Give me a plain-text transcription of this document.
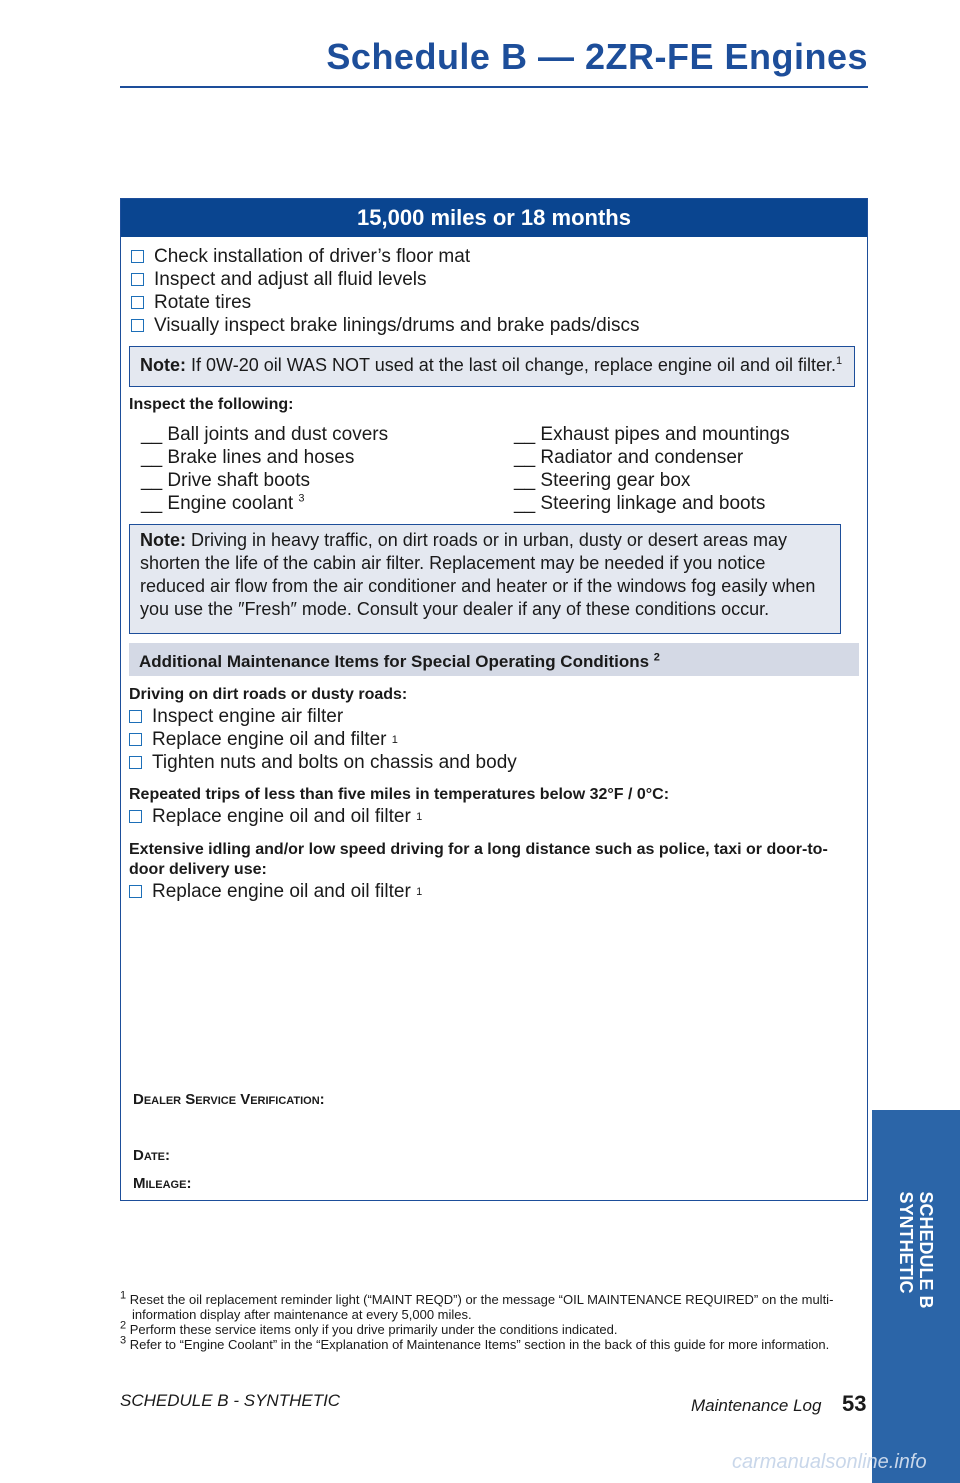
Schedule B — 2ZR-FE Engines
15,000 miles or 18 months
Check installation of driver’s floor mat
Inspect and adjust all fluid levels
Rotate tires
Visually inspect brake linings/drums and brake pads/discs
Note: If 0W-20 oil WAS NOT used at the last oil change, replace engine oil and oil filter.$^1$
Inspect the following:
__ Ball joints and dust covers
__ Brake lines and hoses
__ Drive shaft boots
__ Engine coolant $^3$
__ Exhaust pipes and mountings
__ Radiator and condenser
__ Steering gear box
__ Steering linkage and boots
Note: Driving in heavy traffic, on dirt roads or in urban, dusty or desert areas may shorten the life of the cabin air filter. Replacement may be needed if you notice reduced air flow from the air conditioner and heater or if the windows fog easily when you use the ″Fresh″ mode. Consult your dealer if any of these conditions occur.
Additional Maintenance Items for Special Operating Conditions $^2$
Driving on dirt roads or dusty roads:
Inspect engine air filter
Replace engine oil and filter
1
Tighten nuts and bolts on chassis and body
Repeated trips of less than five miles in temperatures below 32°F / 0°C:
Replace engine oil and oil filter
1
Extensive idling and/or low speed driving for a long distance such as police, taxi or door-to-door delivery use:
Replace engine oil and oil filter
1
Dealer Service Verification:
Date:
Mileage:
$^1$ Reset the oil replacement reminder light (“MAINT REQD”) or the message “OIL MAINTENANCE REQUIRED” on the multi-information display after maintenance at every 5,000 miles.
$^2$ Perform these service items only if you drive primarily under the conditions indicated.
$^3$ Refer to “Engine Coolant” in the “Explanation of Maintenance Items” section in the back of this guide for more information.
SCHEDULE B - SYNTHETIC	Maintenance Log 53
SCHEDULE B
SYNTHETIC
carmanualsonline.info
